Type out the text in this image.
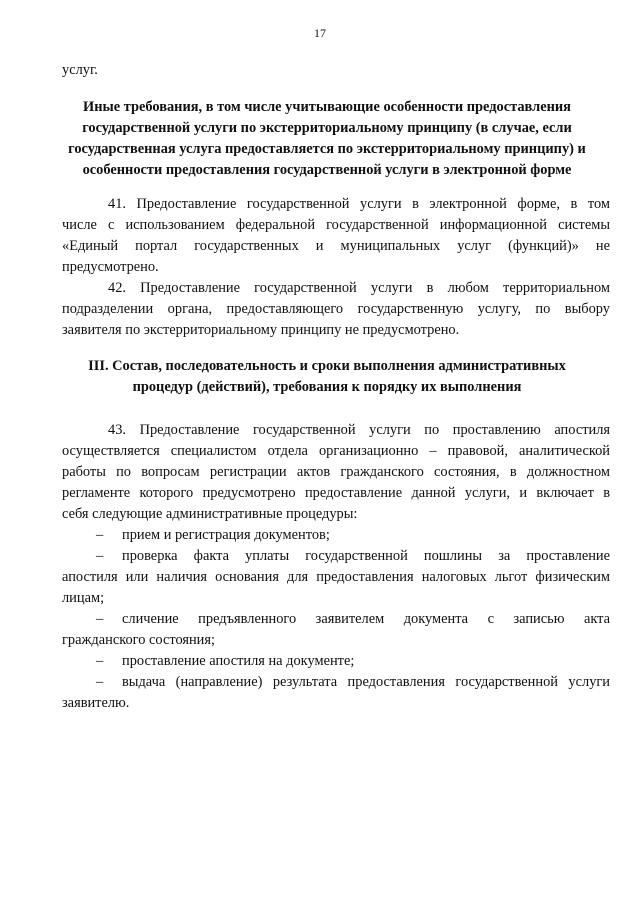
17
услуг.
Иные требования, в том числе учитывающие особенности предоставления
государственной услуги по экстерриториальному принципу (в случае, если
государственная услуга предоставляется по экстерриториальному принципу) и
особенности предоставления государственной услуги в электронной форме
41. Предоставление государственной услуги в электронной форме, в том
числе с использованием федеральной государственной информационной системы
«Единый портал государственных и муниципальных услуг (функций)» не
предусмотрено.
42. Предоставление государственной услуги в любом территориальном
подразделении органа, предоставляющего государственную услугу, по выбору
заявителя по экстерриториальному принципу не предусмотрено.
III. Состав, последовательность и сроки выполнения административных
процедур (действий), требования к порядку их выполнения
43. Предоставление государственной услуги по проставлению апостиля
осуществляется специалистом отдела организационно – правовой, аналитической
работы по вопросам регистрации актов гражданского состояния, в должностном
регламенте которого предусмотрено предоставление данной услуги, и включает в
себя следующие административные процедуры:
– прием и регистрация документов;
– проверка факта уплаты государственной пошлины за проставление
апостиля или наличия основания для предоставления налоговых льгот физическим
лицам;
– сличение предъявленного заявителем документа с записью акта
гражданского состояния;
– проставление апостиля на документе;
– выдача (направление) результата предоставления государственной услуги
заявителю.
